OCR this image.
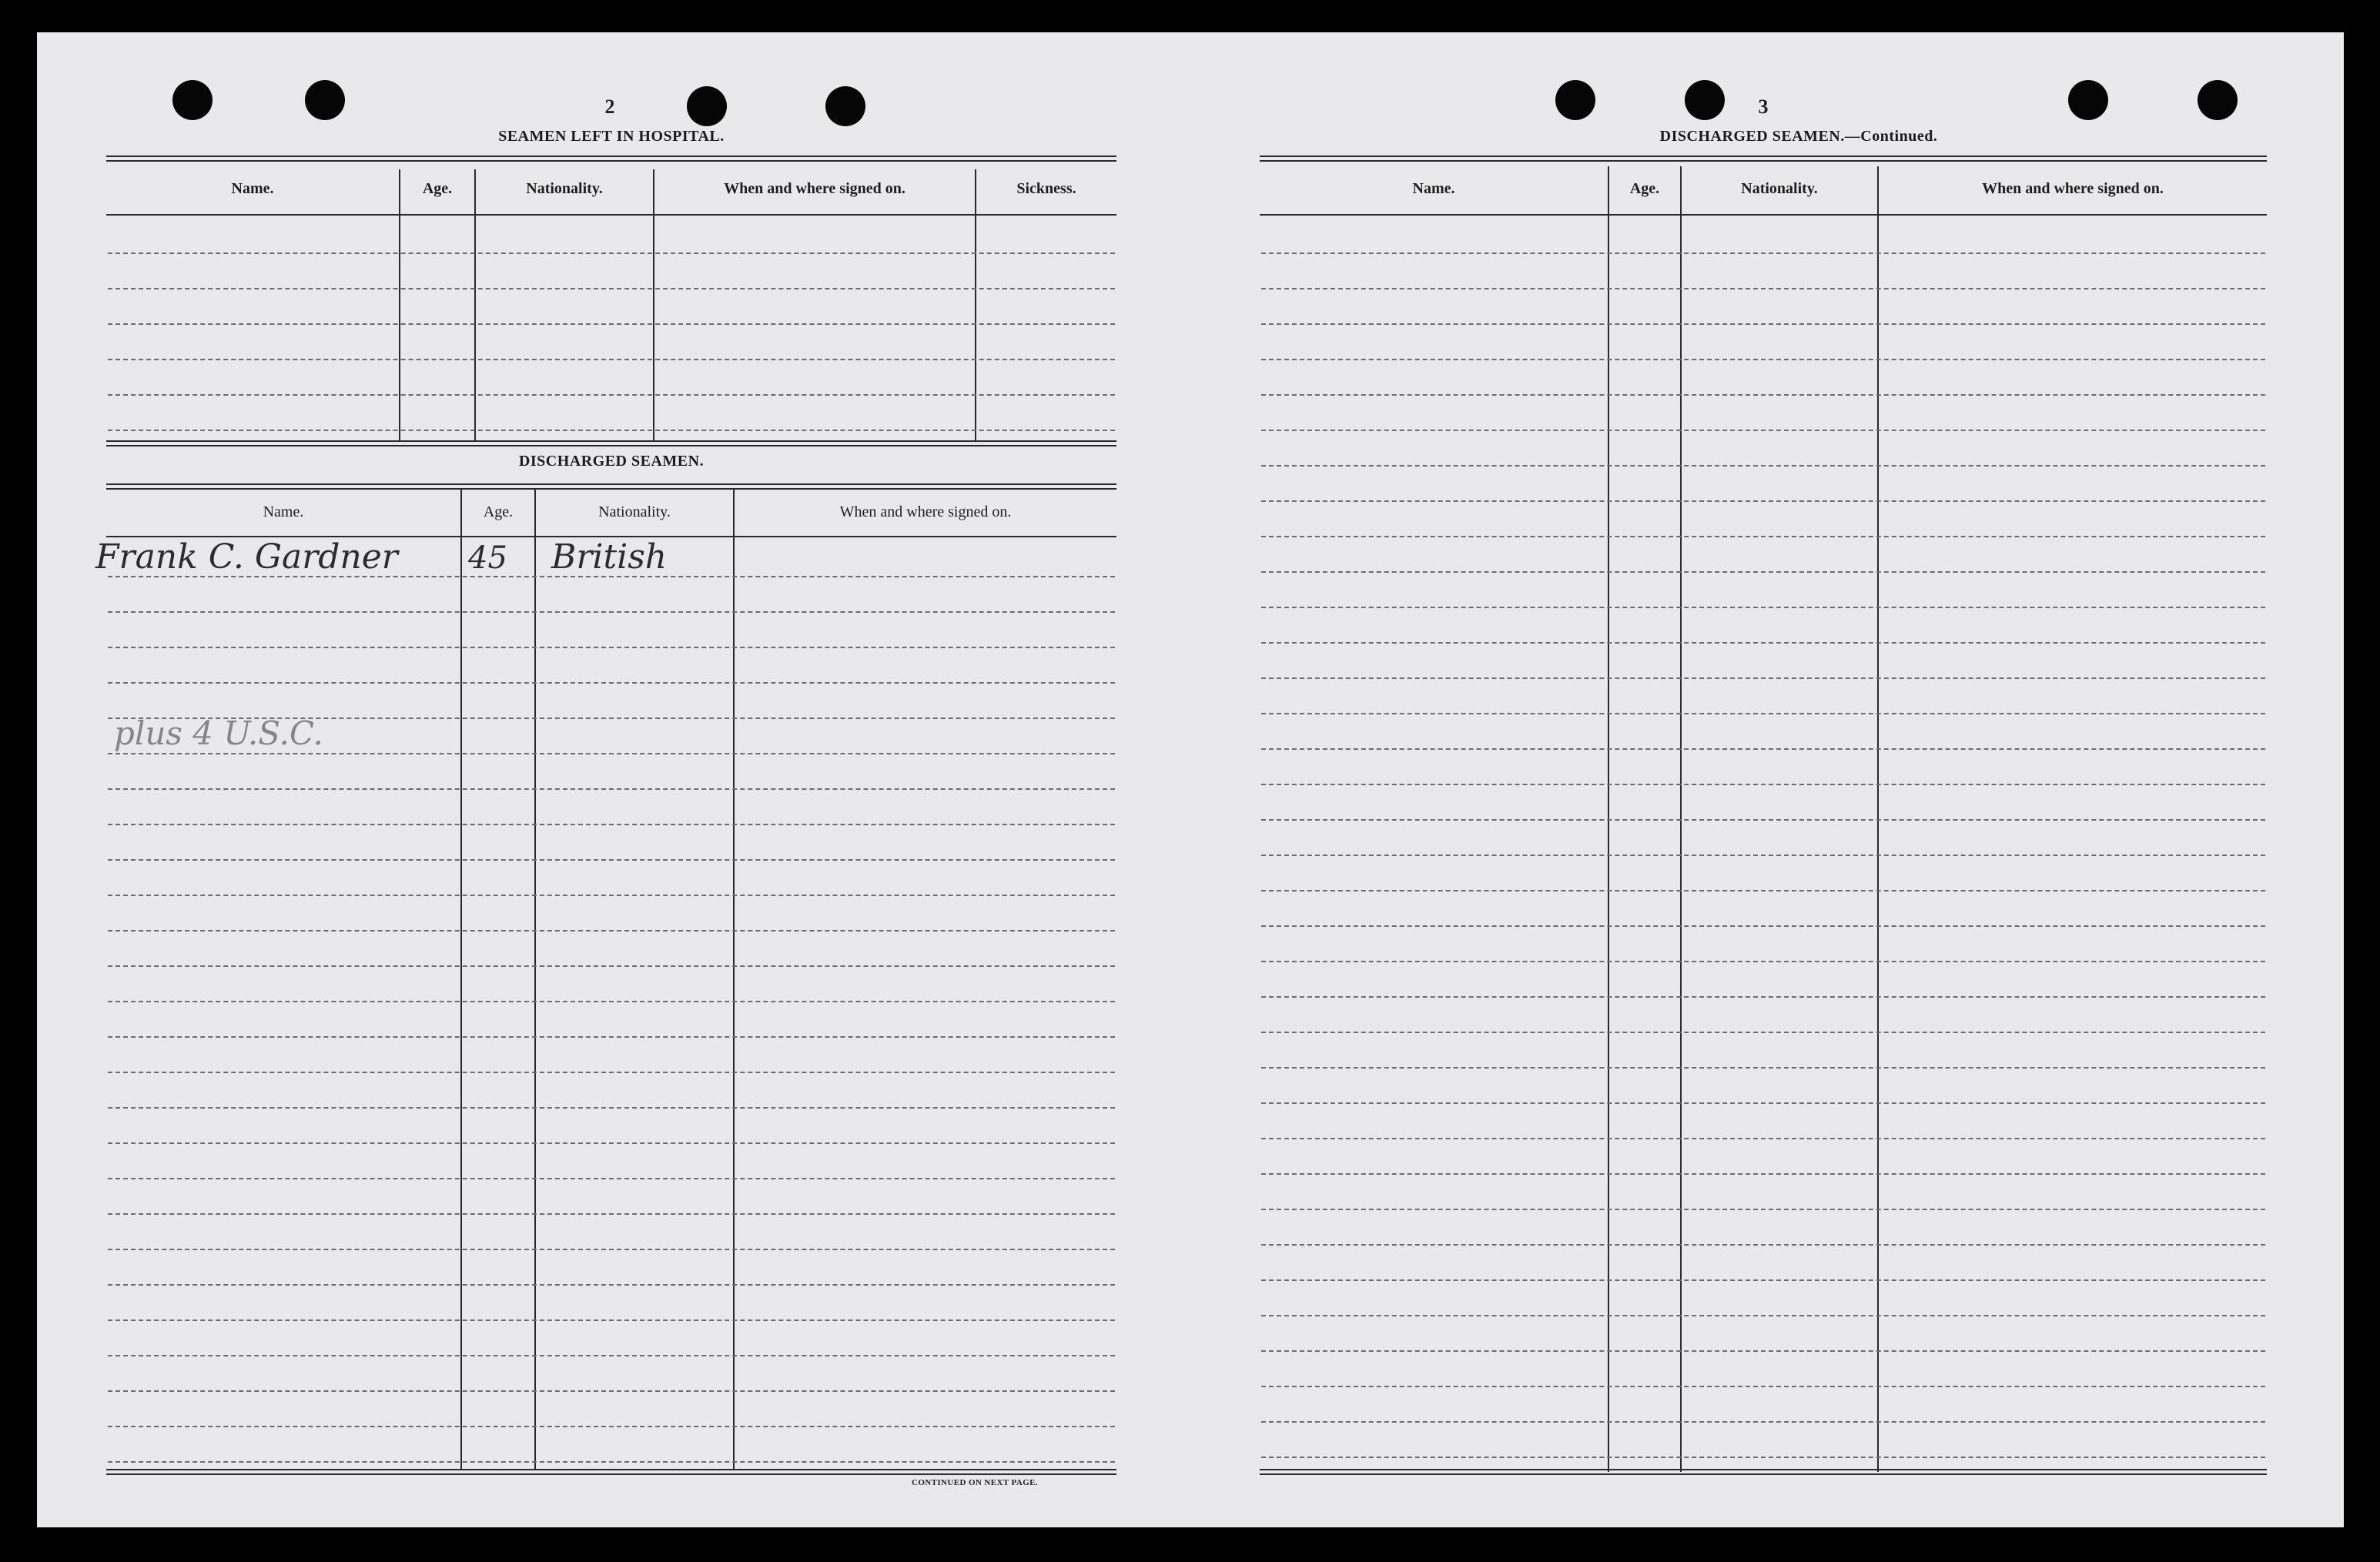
2
SEAMEN LEFT IN HOSPITAL.
Name.	Age.	Nationality.	When and where signed on.	Sickness.
DISCHARGED SEAMEN.
Name.	Age.	Nationality.	When and where signed on.
Frank C. Gardner 45 British
plus 4 U.S.C.
CONTINUED ON NEXT PAGE.
3
DISCHARGED SEAMEN.—Continued.
Name.	Age.	Nationality.	When and where signed on.
